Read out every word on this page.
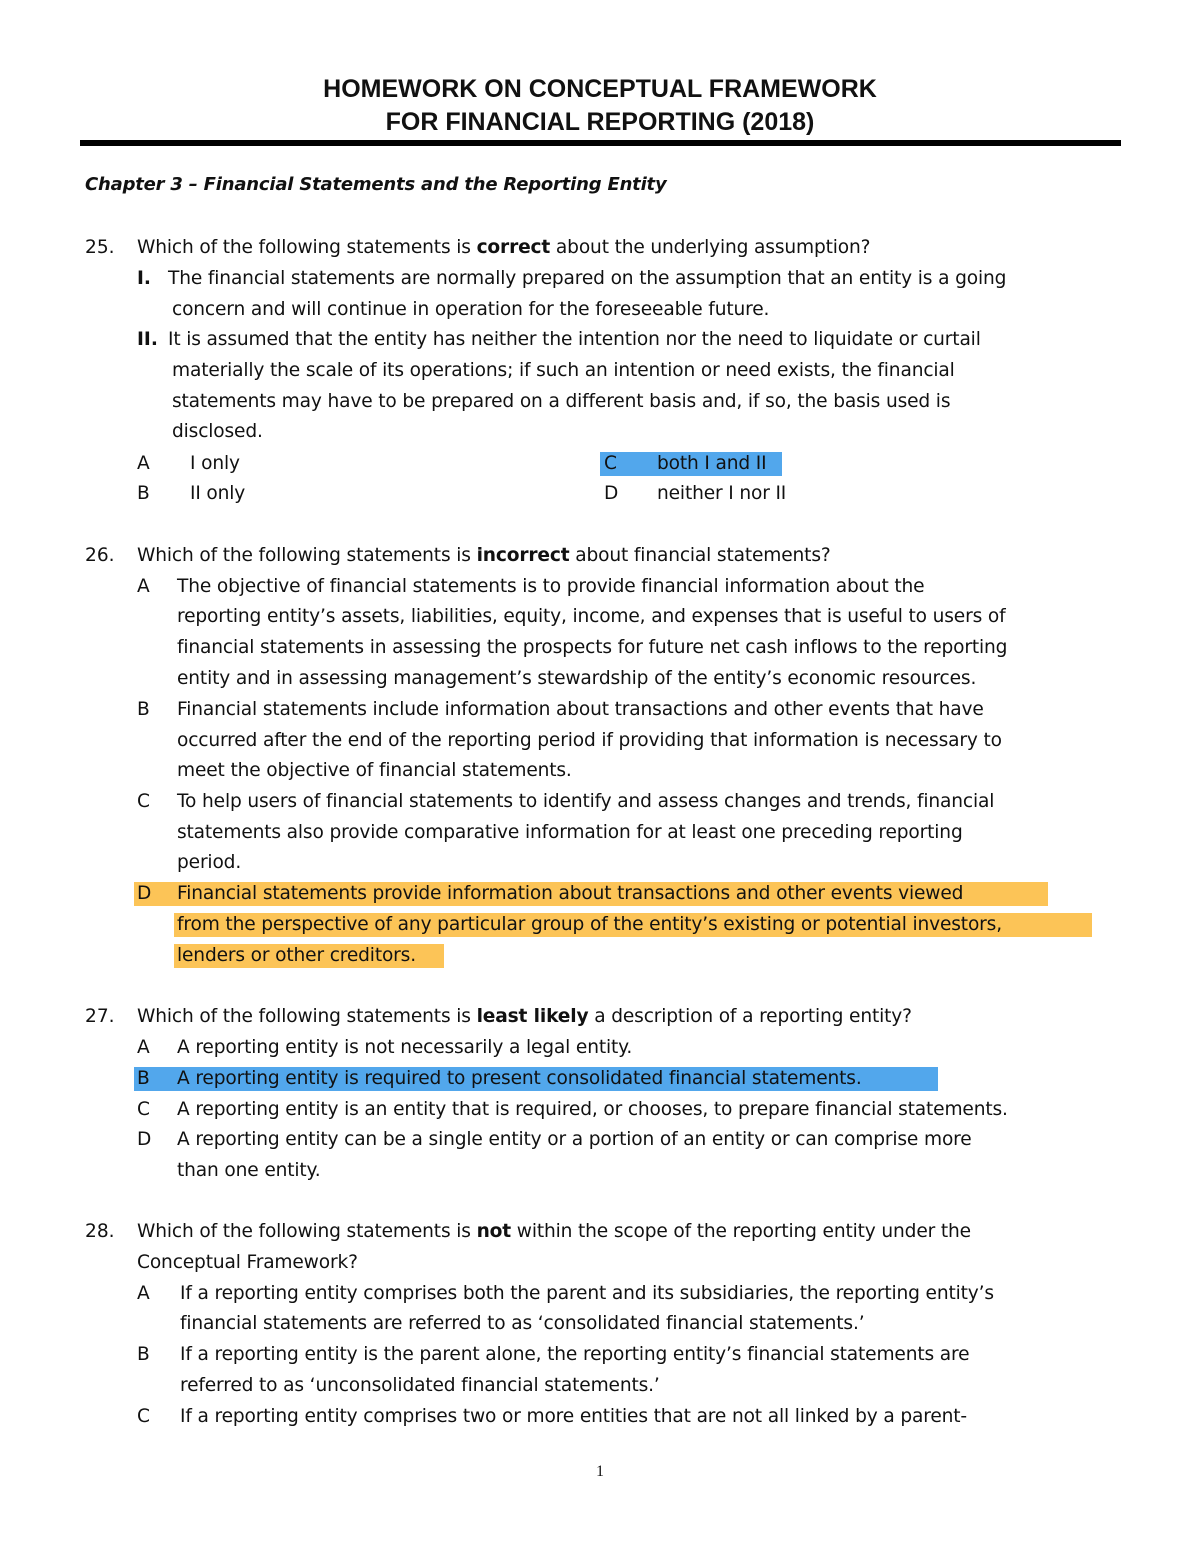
HOMEWORK ON CONCEPTUAL FRAMEWORK
FOR FINANCIAL REPORTING (2018)
Chapter 3 – Financial Statements and the Reporting Entity
25. Which of the following statements is correct about the underlying assumption?
I. The financial statements are normally prepared on the assumption that an entity is a going
concern and will continue in operation for the foreseeable future.
II. It is assumed that the entity has neither the intention nor the need to liquidate or curtail
materially the scale of its operations; if such an intention or need exists, the financial
statements may have to be prepared on a different basis and, if so, the basis used is
disclosed.
A I only
B II only
C both I and II
D neither I nor II
26. Which of the following statements is incorrect about financial statements?
A The objective of financial statements is to provide financial information about the
reporting entity’s assets, liabilities, equity, income, and expenses that is useful to users of
financial statements in assessing the prospects for future net cash inflows to the reporting
entity and in assessing management’s stewardship of the entity’s economic resources.
B Financial statements include information about transactions and other events that have
occurred after the end of the reporting period if providing that information is necessary to
meet the objective of financial statements.
C To help users of financial statements to identify and assess changes and trends, financial
statements also provide comparative information for at least one preceding reporting
period.
D Financial statements provide information about transactions and other events viewed
from the perspective of any particular group of the entity’s existing or potential investors,
lenders or other creditors.
27. Which of the following statements is least likely a description of a reporting entity?
A A reporting entity is not necessarily a legal entity.
B A reporting entity is required to present consolidated financial statements.
C A reporting entity is an entity that is required, or chooses, to prepare financial statements.
D A reporting entity can be a single entity or a portion of an entity or can comprise more
than one entity.
28. Which of the following statements is not within the scope of the reporting entity under the
Conceptual Framework?
A If a reporting entity comprises both the parent and its subsidiaries, the reporting entity’s
financial statements are referred to as ‘consolidated financial statements.’
B If a reporting entity is the parent alone, the reporting entity’s financial statements are
referred to as ‘unconsolidated financial statements.’
C If a reporting entity comprises two or more entities that are not all linked by a parent-
1
